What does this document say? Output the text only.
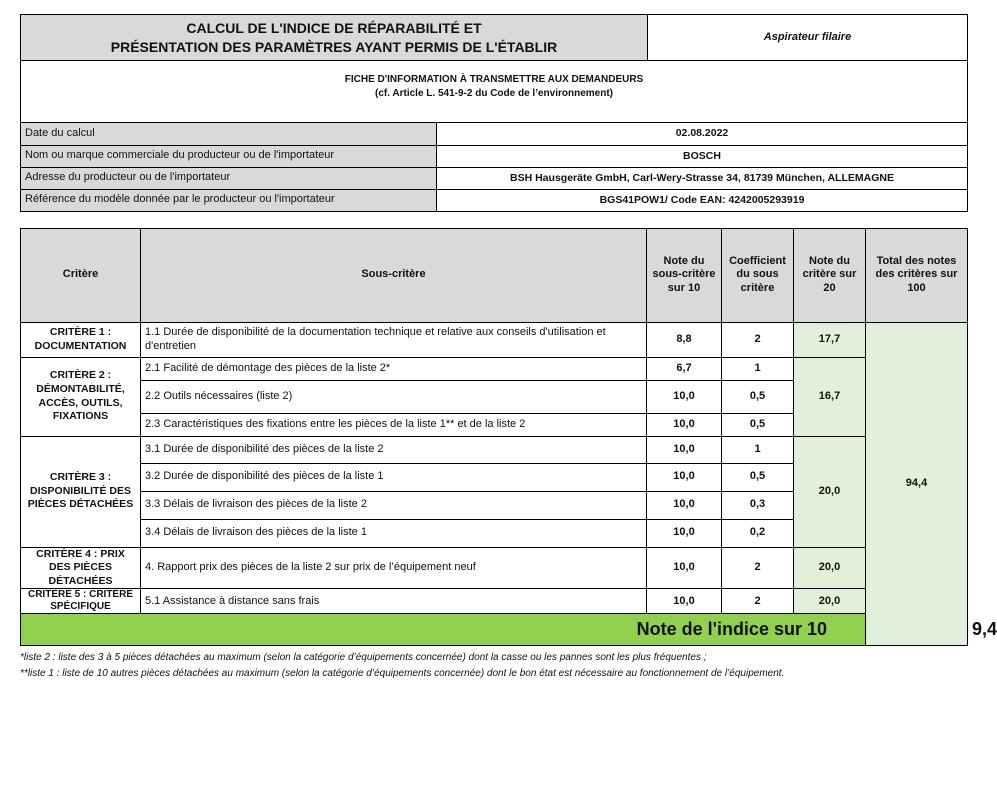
CALCUL DE L'INDICE DE RÉPARABILITÉ ET
PRÉSENTATION DES PARAMÈTRES AYANT PERMIS DE L'ÉTABLIR
	Aspirateur filaire

FICHE D'INFORMATION À TRANSMETTRE AUX DEMANDEURS
(cf. Article L. 541-9-2 du Code de l’environnement)
Date du calcul	02.08.2022
Nom ou marque commerciale du producteur ou de l'importateur	BOSCH
Adresse du producteur ou de l'importateur	BSH Hausgeräte GmbH, Carl-Wery-Strasse 34, 81739 München, ALLEMAGNE
Référence du modèle donnée par le producteur ou l'importateur	BGS41POW1/ Code EAN: 4242005293919
Critère	Sous-critère	Note du sous-critère sur 10	Coefficient du sous critère	Note du critère sur 20	Total des notes des critères sur 100	
CRITÈRE 1 : DOCUMENTATION	1.1 Durée de disponibilité de la documentation technique et relative aux conseils d'utilisation et d'entretien	8,8	2	17,7	94,4	
CRITÈRE 2 : DÉMONTABILITÉ, ACCÈS, OUTILS, FIXATIONS	2.1 Facilité de démontage des pièces de la liste 2*	6,7	1	16,7		
	2.2 Outils nécessaires (liste 2)	10,0	0,5			
	2.3 Caractéristiques des fixations entre les pièces de la liste 1** et de la liste 2	10,0	0,5			
CRITÈRE 3 : DISPONIBILITÉ DES PIÈCES DÉTACHÉES	3.1 Durée de disponibilité des pièces de la liste 2	10,0	1	20,0		
	3.2 Durée de disponibilité des pièces de la liste 1	10,0	0,5			
	3.3 Délais de livraison des pièces de la liste 2	10,0	0,3			
	3.4 Délais de livraison des pièces de la liste 1	10,0	0,2			
CRITÈRE 4 : PRIX DES PIÈCES DÉTACHÉES	4. Rapport prix des pièces de la liste 2 sur prix de l’équipement neuf	10,0	2	20,0		

CRITÈRE 5 : CRITÈRE SPÉCIFIQUE	5.1 Assistance à distance sans frais	10,0	2	20,0		

Note de l'indice sur 10						9,4
*liste 2 : liste des 3 à 5 pièces détachées au maximum (selon la catégorie d’équipements concernée) dont la casse ou les pannes sont les plus fréquentes ;
**liste 1 : liste de 10 autres pièces détachées au maximum (selon la catégorie d’équipements concernée) dont le bon état est nécessaire au fonctionnement de l’équipement.
